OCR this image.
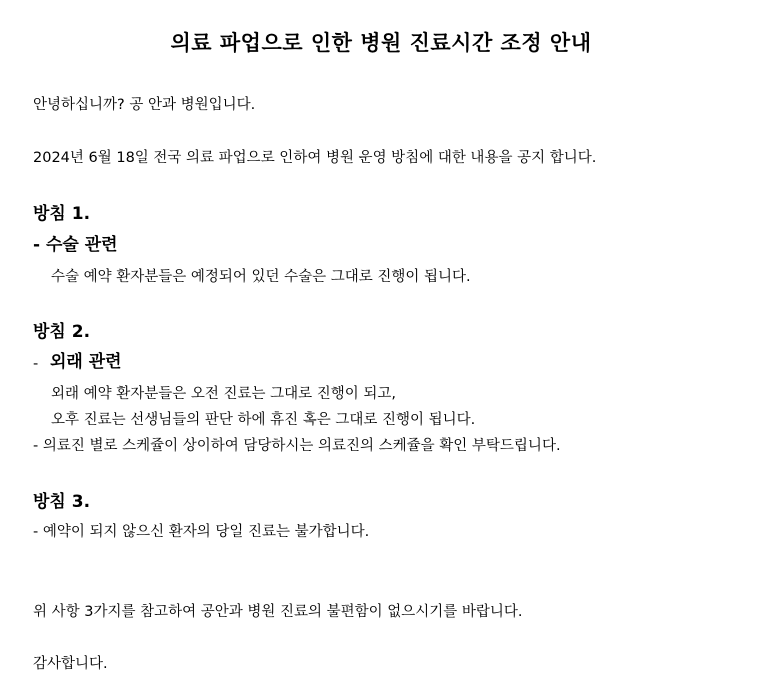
의료 파업으로 인한 병원 진료시간 조정 안내
안녕하십니까? 공 안과 병원입니다.
2024년 6월 18일 전국 의료 파업으로 인하여 병원 운영 방침에 대한 내용을 공지 합니다.
방침 1.
- 수술 관련
수술 예약 환자분들은 예정되어 있던 수술은 그대로 진행이 됩니다.
방침 2.
- 외래 관련
외래 예약 환자분들은 오전 진료는 그대로 진행이 되고,
오후 진료는 선생님들의 판단 하에 휴진 혹은 그대로 진행이 됩니다.
- 의료진 별로 스케쥴이 상이하여 담당하시는 의료진의 스케쥴을 확인 부탁드립니다.
방침 3.
- 예약이 되지 않으신 환자의 당일 진료는 불가합니다.
위 사항 3가지를 참고하여 공안과 병원 진료의 불편함이 없으시기를 바랍니다.
감사합니다.
